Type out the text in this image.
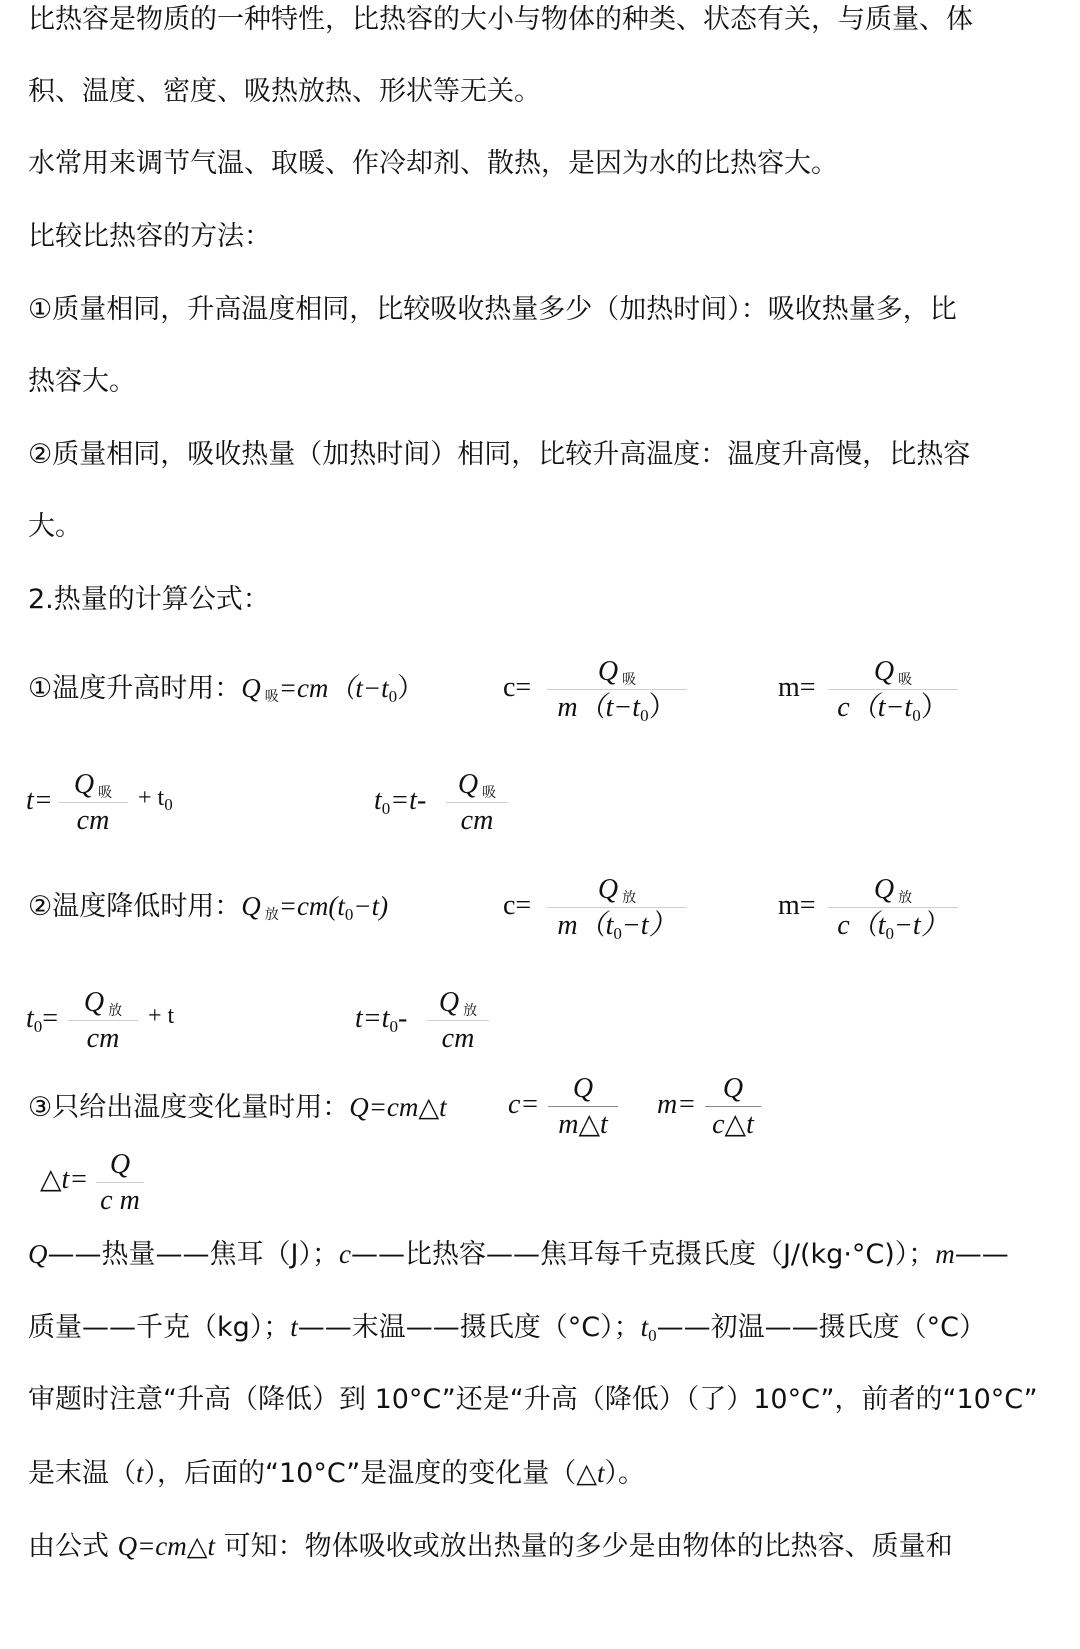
比热容是物质的一种特性，比热容的大小与物体的种类、状态有关，与质量、体
积、温度、密度、吸热放热、形状等无关。
水常用来调节气温、取暖、作冷却剂、散热，是因为水的比热容大。
比较比热容的方法：
①质量相同，升高温度相同，比较吸收热量多少（加热时间）：吸收热量多，比
热容大。
②质量相同，吸收热量（加热时间）相同，比较升高温度：温度升高慢，比热容
大。
2.热量的计算公式：
①温度升高时用：Q 吸=cm（t−t0）	c=
Q吸
m（t−t0）
m=
Q吸
c（t−t0）
t=
Q吸
cm
+ $t_0$	t0=t-
Q吸
cm
②温度降低时用：Q 放=cm(t0−t)	c=
Q放
m（t0−t）
m=
Q放
c（t0−t）
t0=
Q放
cm
+ t	t=t0-
Q放
cm
③只给出温度变化量时用：Q=cm△t c=
Q
m△t
m=
Q
c△t
△t= Q
c m
Q——热量——焦耳（J）；c——比热容——焦耳每千克摄氏度（J/(kg·°C)）；m——
质量——千克（kg）；t——末温——摄氏度（°C）；t0——初温——摄氏度（°C）
审题时注意“升高（降低）到 10°C”还是“升高（降低）（了）10°C”，前者的“10°C”
是末温（t），后面的“10°C”是温度的变化量（△t）。
由公式 Q=cm△t 可知：物体吸收或放出热量的多少是由物体的比热容、质量和
